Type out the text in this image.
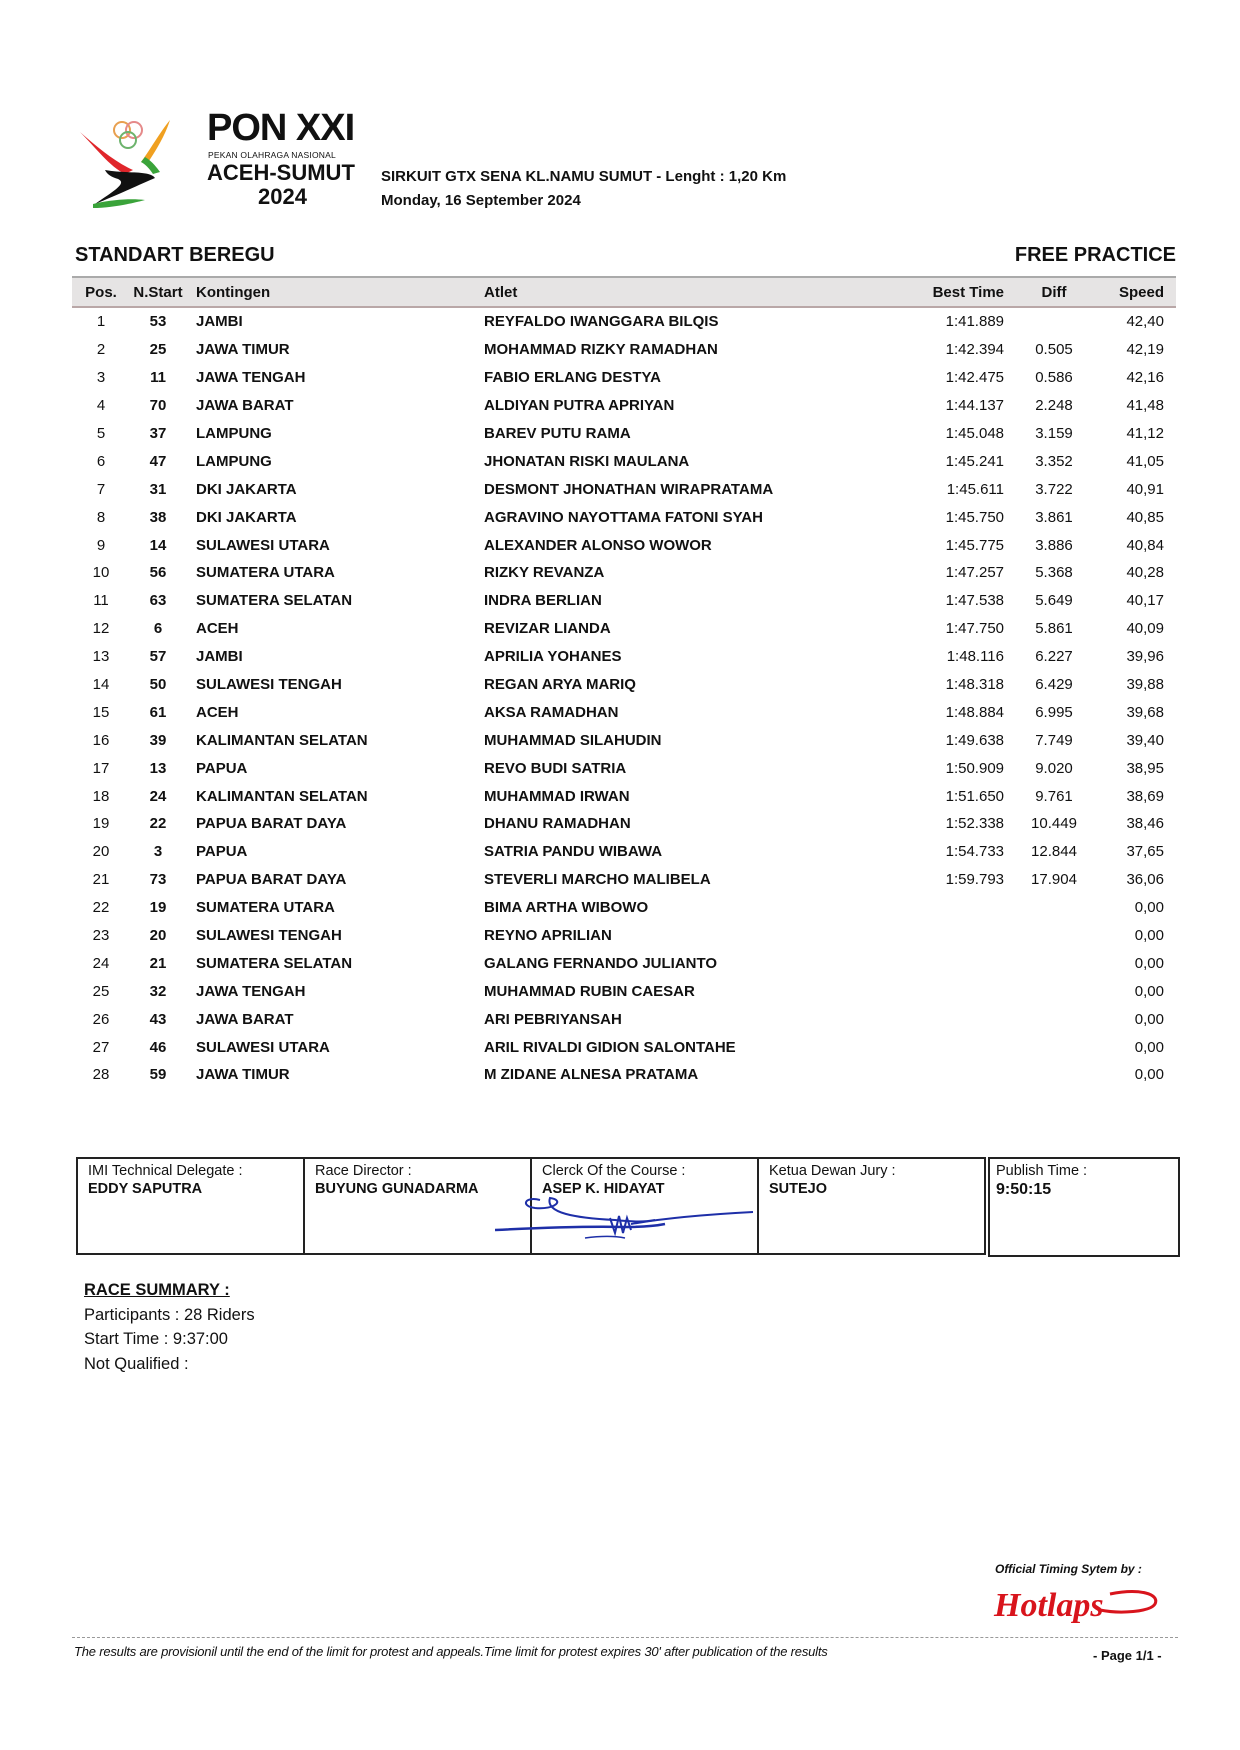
PON XXI
PEKAN OLAHRAGA NASIONAL
ACEH-SUMUT
2024
SIRKUIT GTX SENA KL.NAMU SUMUT - Lenght : 1,20 Km
Monday, 16 September 2024
STANDART BEREGU	FREE PRACTICE
Pos.	N.Start	Kontingen	Atlet	Best Time	Diff	Speed
1	53	JAMBI	REYFALDO IWANGGARA BILQIS	1:41.889		42,40
2	25	JAWA TIMUR	MOHAMMAD RIZKY RAMADHAN	1:42.394	0.505	42,19
3	11	JAWA TENGAH	FABIO ERLANG DESTYA	1:42.475	0.586	42,16
4	70	JAWA BARAT	ALDIYAN PUTRA APRIYAN	1:44.137	2.248	41,48
5	37	LAMPUNG	BAREV PUTU RAMA	1:45.048	3.159	41,12
6	47	LAMPUNG	JHONATAN RISKI MAULANA	1:45.241	3.352	41,05
7	31	DKI JAKARTA	DESMONT JHONATHAN WIRAPRATAMA	1:45.611	3.722	40,91
8	38	DKI JAKARTA	AGRAVINO NAYOTTAMA FATONI SYAH	1:45.750	3.861	40,85
9	14	SULAWESI UTARA	ALEXANDER ALONSO WOWOR	1:45.775	3.886	40,84
10	56	SUMATERA UTARA	RIZKY REVANZA	1:47.257	5.368	40,28
11	63	SUMATERA SELATAN	INDRA BERLIAN	1:47.538	5.649	40,17
12	6	ACEH	REVIZAR LIANDA	1:47.750	5.861	40,09
13	57	JAMBI	APRILIA YOHANES	1:48.116	6.227	39,96
14	50	SULAWESI TENGAH	REGAN ARYA MARIQ	1:48.318	6.429	39,88
15	61	ACEH	AKSA RAMADHAN	1:48.884	6.995	39,68
16	39	KALIMANTAN SELATAN	MUHAMMAD SILAHUDIN	1:49.638	7.749	39,40
17	13	PAPUA	REVO BUDI SATRIA	1:50.909	9.020	38,95
18	24	KALIMANTAN SELATAN	MUHAMMAD IRWAN	1:51.650	9.761	38,69
19	22	PAPUA BARAT DAYA	DHANU RAMADHAN	1:52.338	10.449	38,46
20	3	PAPUA	SATRIA PANDU WIBAWA	1:54.733	12.844	37,65
21	73	PAPUA BARAT DAYA	STEVERLI MARCHO MALIBELA	1:59.793	17.904	36,06
22	19	SUMATERA UTARA	BIMA ARTHA WIBOWO			0,00
23	20	SULAWESI TENGAH	REYNO APRILIAN			0,00
24	21	SUMATERA SELATAN	GALANG FERNANDO JULIANTO			0,00
25	32	JAWA TENGAH	MUHAMMAD RUBIN CAESAR			0,00
26	43	JAWA BARAT	ARI PEBRIYANSAH			0,00
27	46	SULAWESI UTARA	ARIL RIVALDI GIDION SALONTAHE			0,00
28	59	JAWA TIMUR	M ZIDANE ALNESA PRATAMA			0,00
IMI Technical Delegate :
EDDY SAPUTRA
Race Director :
BUYUNG GUNADARMA
Clerck Of the Course :
ASEP K. HIDAYAT
Ketua Dewan Jury :
SUTEJO
Publish Time :
9:50:15
RACE SUMMARY :
Participants : 28 Riders
Start Time : 9:37:00
Not Qualified :
Official Timing Sytem by :
Hotlaps
The results are provisionil until the end of the limit for protest and appeals.Time limit for protest expires 30' after publication of the results	- Page 1/1 -
